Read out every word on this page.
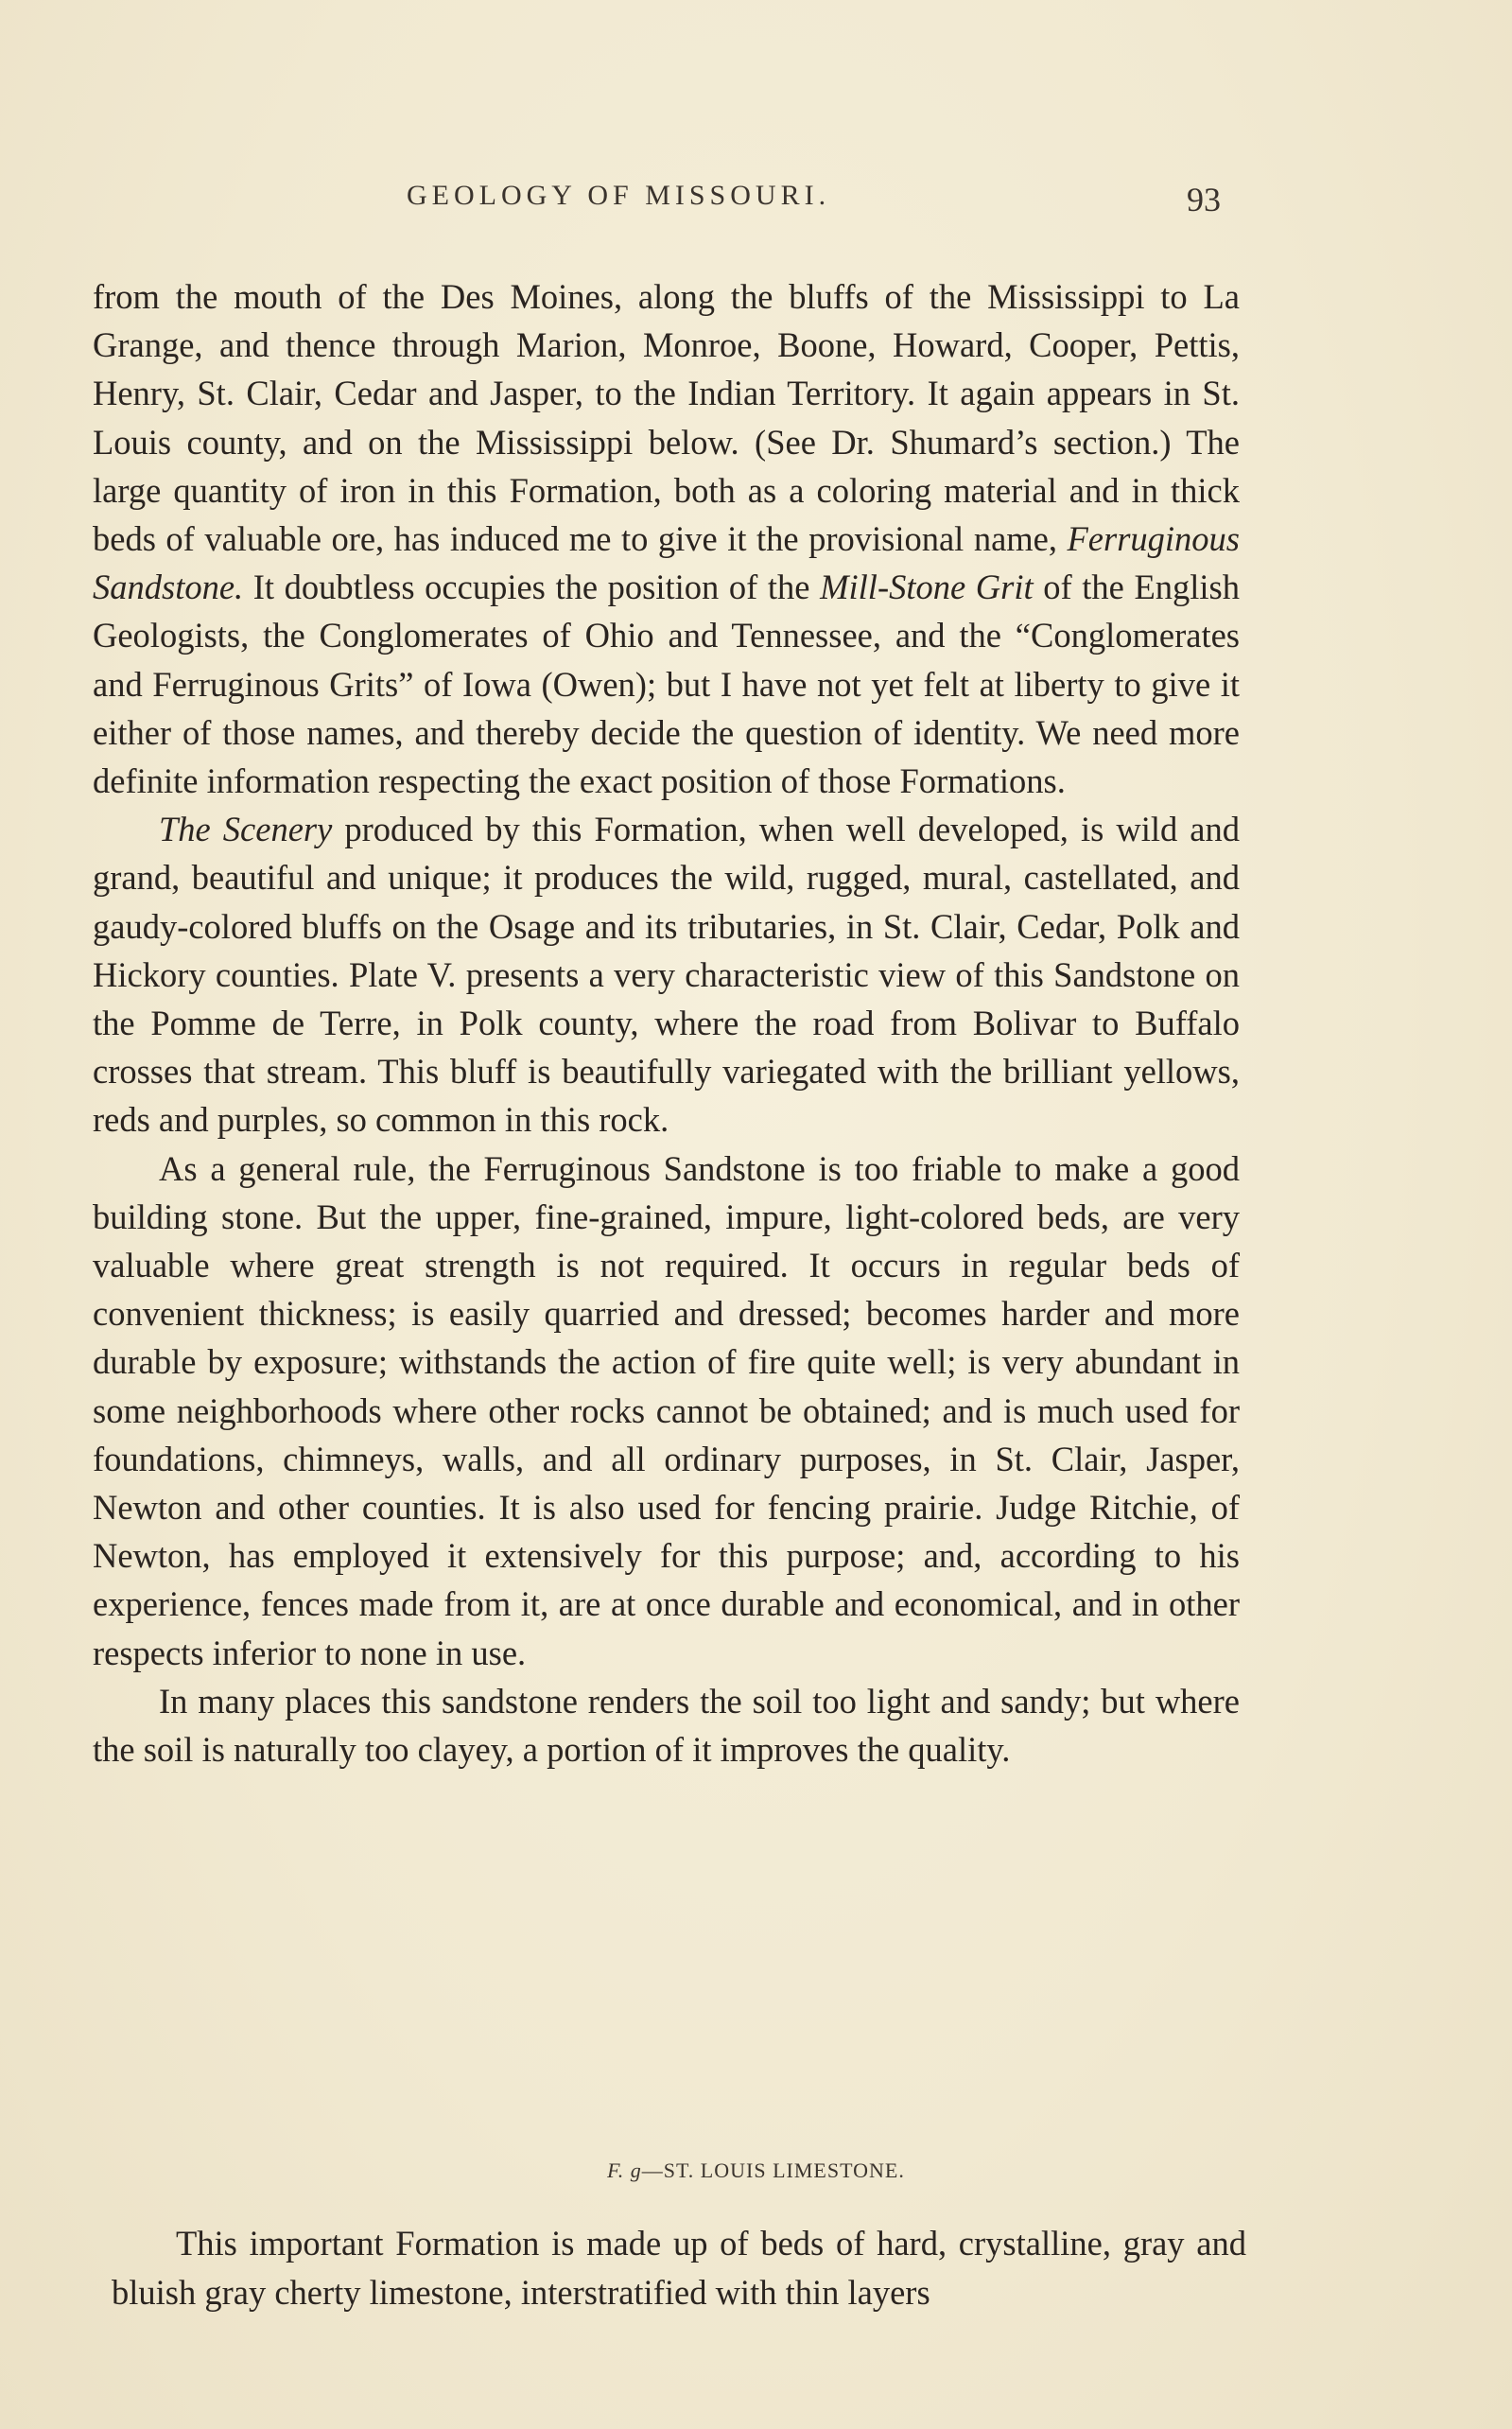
GEOLOGY OF MISSOURI.	93

from the mouth of the Des Moines, along the bluffs of the Mississippi to La Grange, and thence through Marion, Monroe, Boone, Howard, Cooper, Pettis, Henry, St. Clair, Cedar and Jasper, to the Indian Territory. It again appears in St. Louis county, and on the Mississippi below. (See Dr. Shumard’s section.) The large quantity of iron in this Formation, both as a coloring material and in thick beds of valuable ore, has induced me to give it the provisional name, Ferruginous Sandstone. It doubtless occupies the position of the Mill-Stone Grit of the English Geologists, the Conglomerates of Ohio and Tennessee, and the “Conglomerates and Ferruginous Grits” of Iowa (Owen); but I have not yet felt at liberty to give it either of those names, and thereby decide the question of identity. We need more definite information respecting the exact position of those Formations.

The Scenery produced by this Formation, when well developed, is wild and grand, beautiful and unique; it produces the wild, rugged, mural, castellated, and gaudy-colored bluffs on the Osage and its tributaries, in St. Clair, Cedar, Polk and Hickory counties. Plate V. presents a very characteristic view of this Sandstone on the Pomme de Terre, in Polk county, where the road from Bolivar to Buffalo crosses that stream. This bluff is beautifully variegated with the brilliant yellows, reds and purples, so common in this rock.

As a general rule, the Ferruginous Sandstone is too friable to make a good building stone. But the upper, fine-grained, impure, light-colored beds, are very valuable where great strength is not required. It occurs in regular beds of convenient thickness; is easily quarried and dressed; becomes harder and more durable by exposure; withstands the action of fire quite well; is very abundant in some neighborhoods where other rocks cannot be obtained; and is much used for foundations, chimneys, walls, and all ordinary purposes, in St. Clair, Jasper, Newton and other counties. It is also used for fencing prairie. Judge Ritchie, of Newton, has employed it extensively for this purpose; and, according to his experience, fences made from it, are at once durable and economical, and in other respects inferior to none in use.

In many places this sandstone renders the soil too light and sandy; but where the soil is naturally too clayey, a portion of it improves the quality.

F. g—ST. LOUIS LIMESTONE.

This important Formation is made up of beds of hard, crystalline, gray and bluish gray cherty limestone, interstratified with thin layers
